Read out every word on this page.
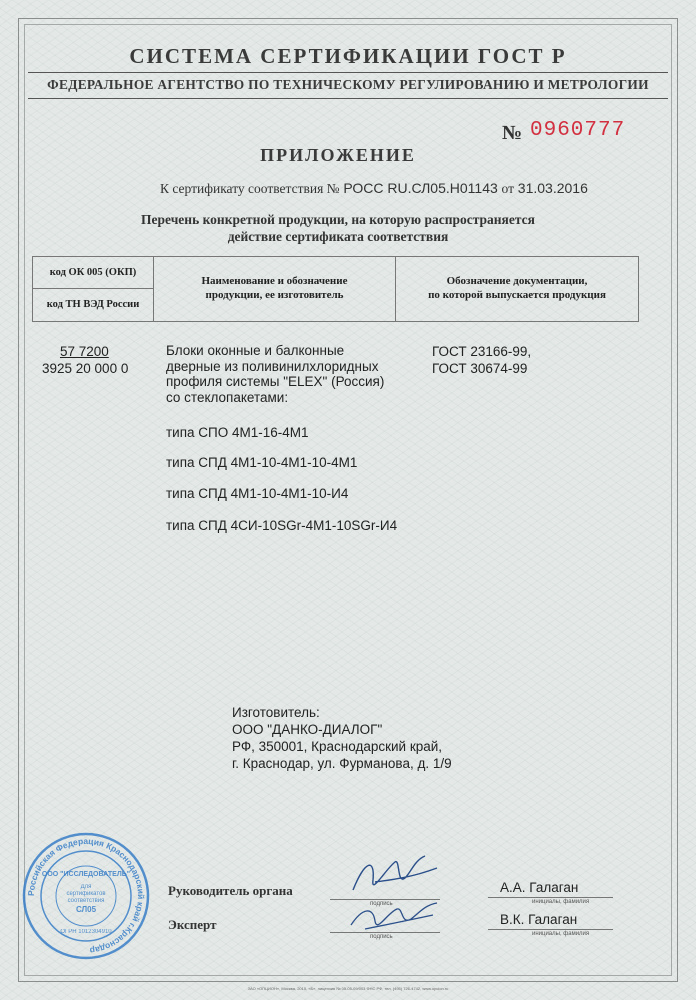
СИСТЕМА СЕРТИФИКАЦИИ ГОСТ Р
ФЕДЕРАЛЬНОЕ АГЕНТСТВО ПО ТЕХНИЧЕСКОМУ РЕГУЛИРОВАНИЮ И МЕТРОЛОГИИ
№ 0960777
ПРИЛОЖЕНИЕ
К сертификату соответствия № РОСС RU.СЛ05.Н01143 от 31.03.2016
Перечень конкретной продукции, на которую распространяется
действие сертификата соответствия
код ОК 005 (ОКП)
код ТН ВЭД России
Наименование и обозначение
продукции, ее изготовитель
Обозначение документации,
по которой выпускается продукция
57 7200
3925 20 000 0
Блоки оконные и балконные
дверные из поливинилхлоридных
профиля системы "ELEX" (Россия)
со стеклопакетами:
ГОСТ 23166-99,
ГОСТ 30674-99
типа СПО 4М1-16-4М1
типа СПД 4М1-10-4М1-10-4М1
типа СПД 4М1-10-4М1-10-И4
типа СПД 4СИ-10SGr-4М1-10SGr-И4
Изготовитель:
ООО "ДАНКО-ДИАЛОГ"
РФ, 350001, Краснодарский край,
г. Краснодар, ул. Фурманова, д. 1/9
Российская Федерация Краснодарский край г.Краснодар
ООО "ИССЛЕДОВАТЕЛЬ"
Для
сертификатов
соответствия
СЛ05
ОГРН 1012304910
Руководитель органа
подпись
А.А. Галаган
инициалы, фамилия
Эксперт
подпись
В.К. Галаган
инициалы, фамилия
ЗАО «ОПЦИОН», Москва, 2015, «Б», лицензия № 05-05-09/003 ФНС РФ, тел. (495) 726-4742, www.opcion.ru
